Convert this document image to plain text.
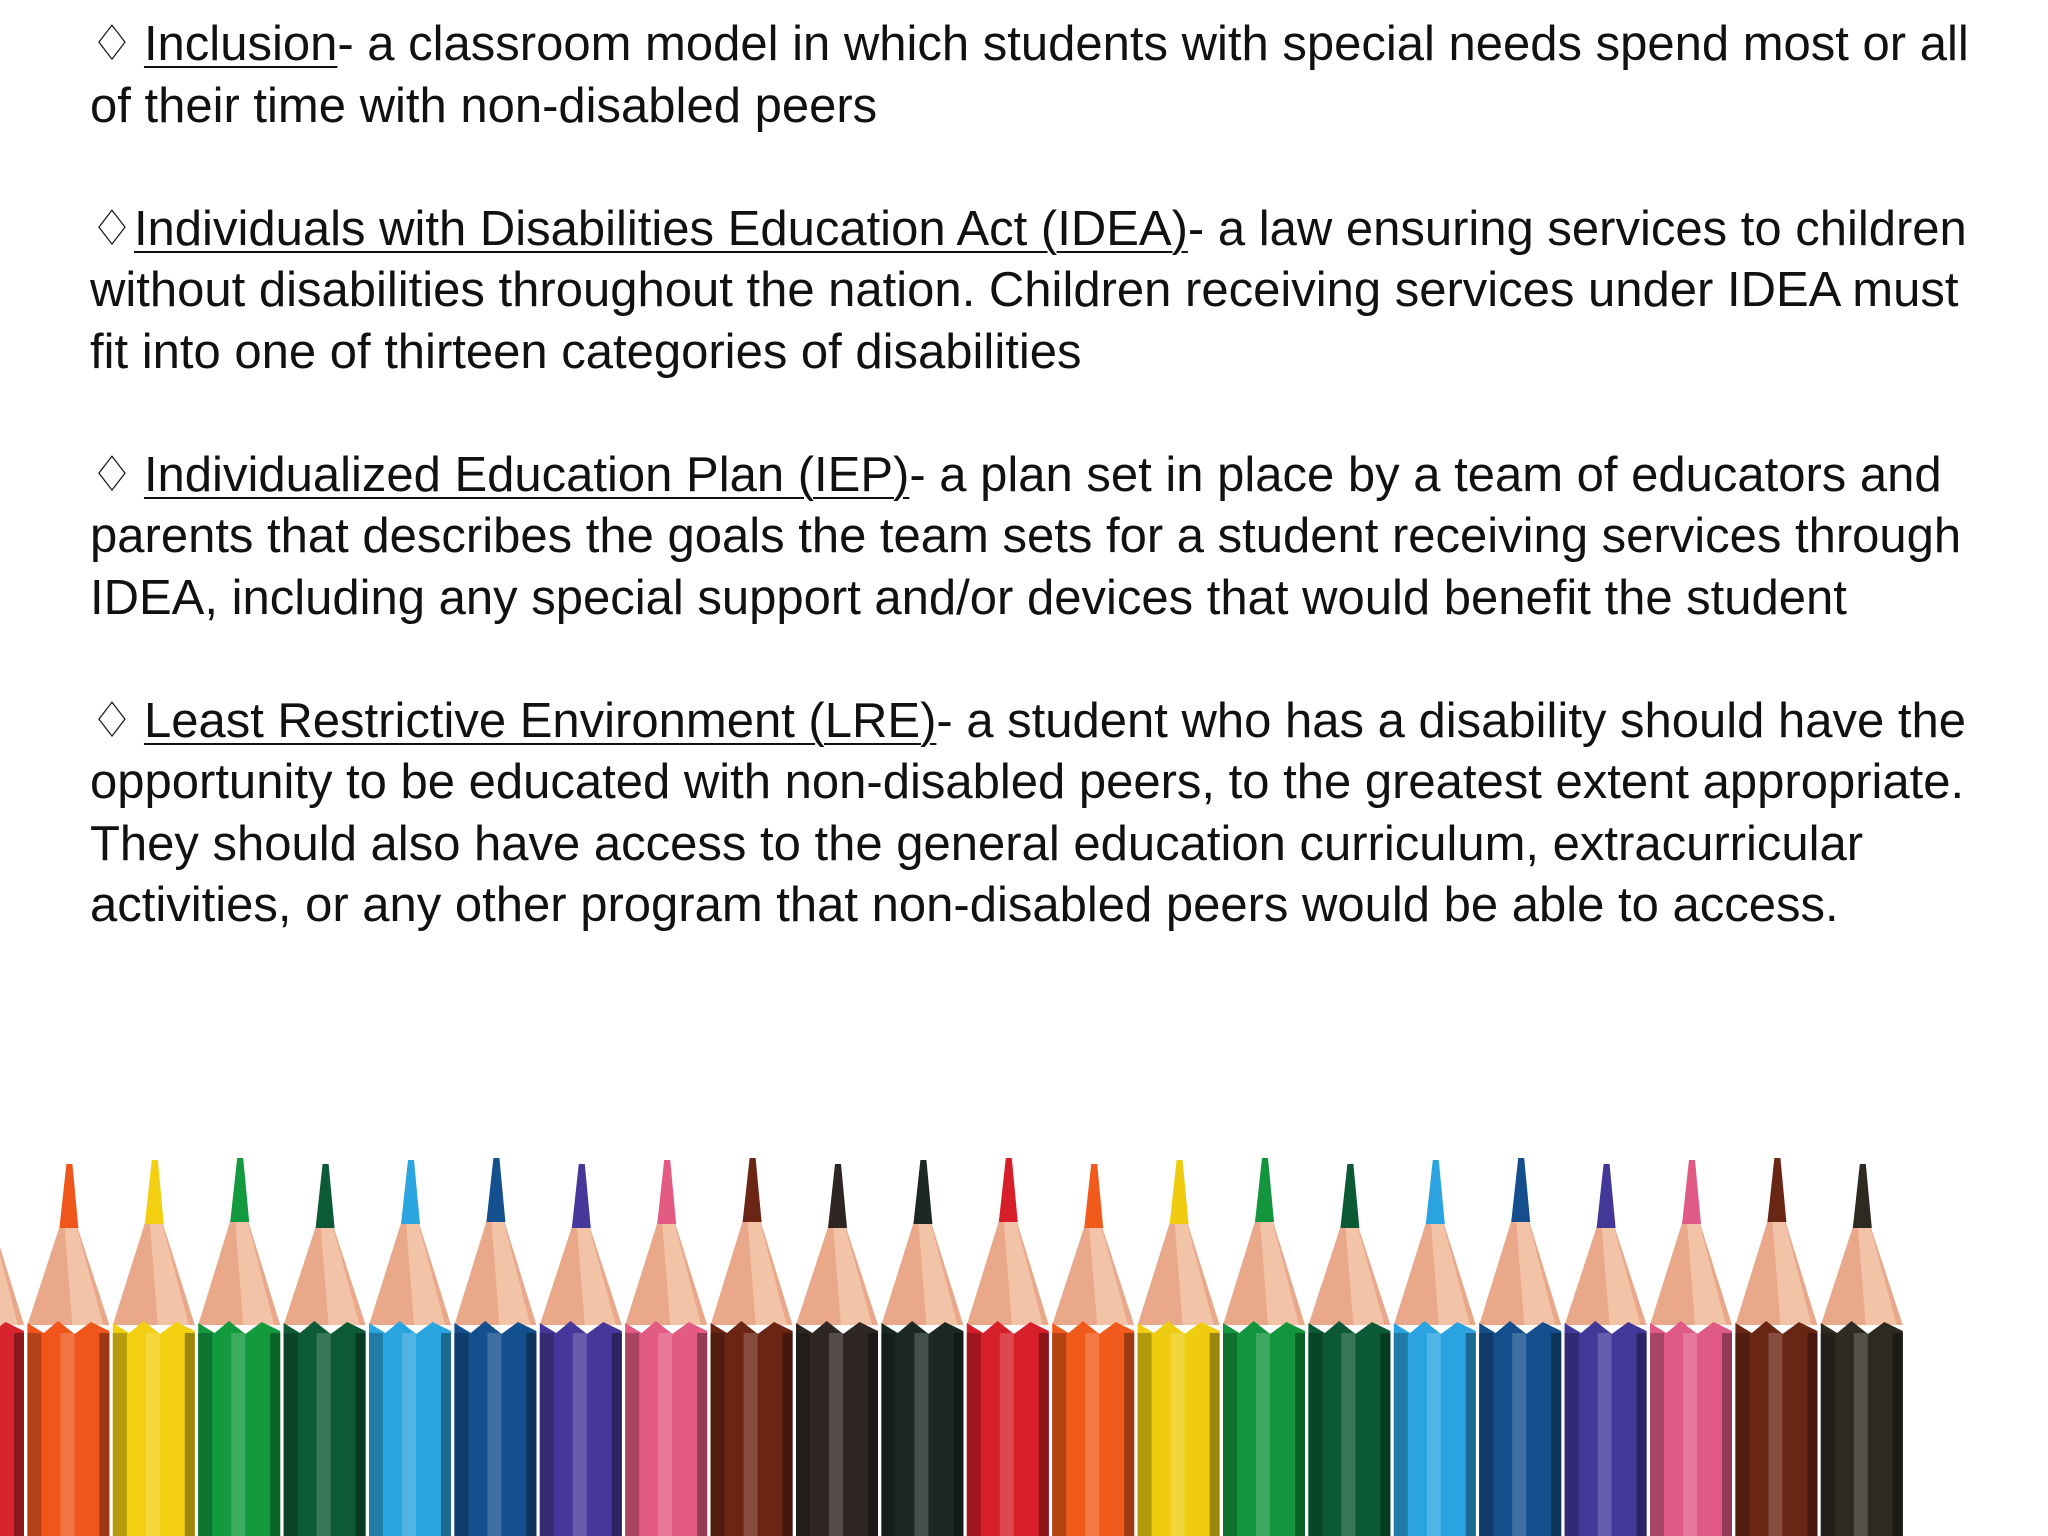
♢ Inclusion- a classroom model in which students with special needs spend most or all of their time with non-disabled peers

♢Individuals with Disabilities Education Act (IDEA)- a law ensuring services to children without disabilities throughout the nation. Children receiving services under IDEA must fit into one of thirteen categories of disabilities

♢ Individualized Education Plan (IEP)- a plan set in place by a team of educators and parents that describes the goals the team sets for a student receiving services through IDEA, including any special support and/or devices that would benefit the student

♢ Least Restrictive Environment (LRE)- a student who has a disability should have the opportunity to be educated with non-disabled peers, to the greatest extent appropriate. They should also have access to the general education curriculum, extracurricular activities, or any other program that non-disabled peers would be able to access.
